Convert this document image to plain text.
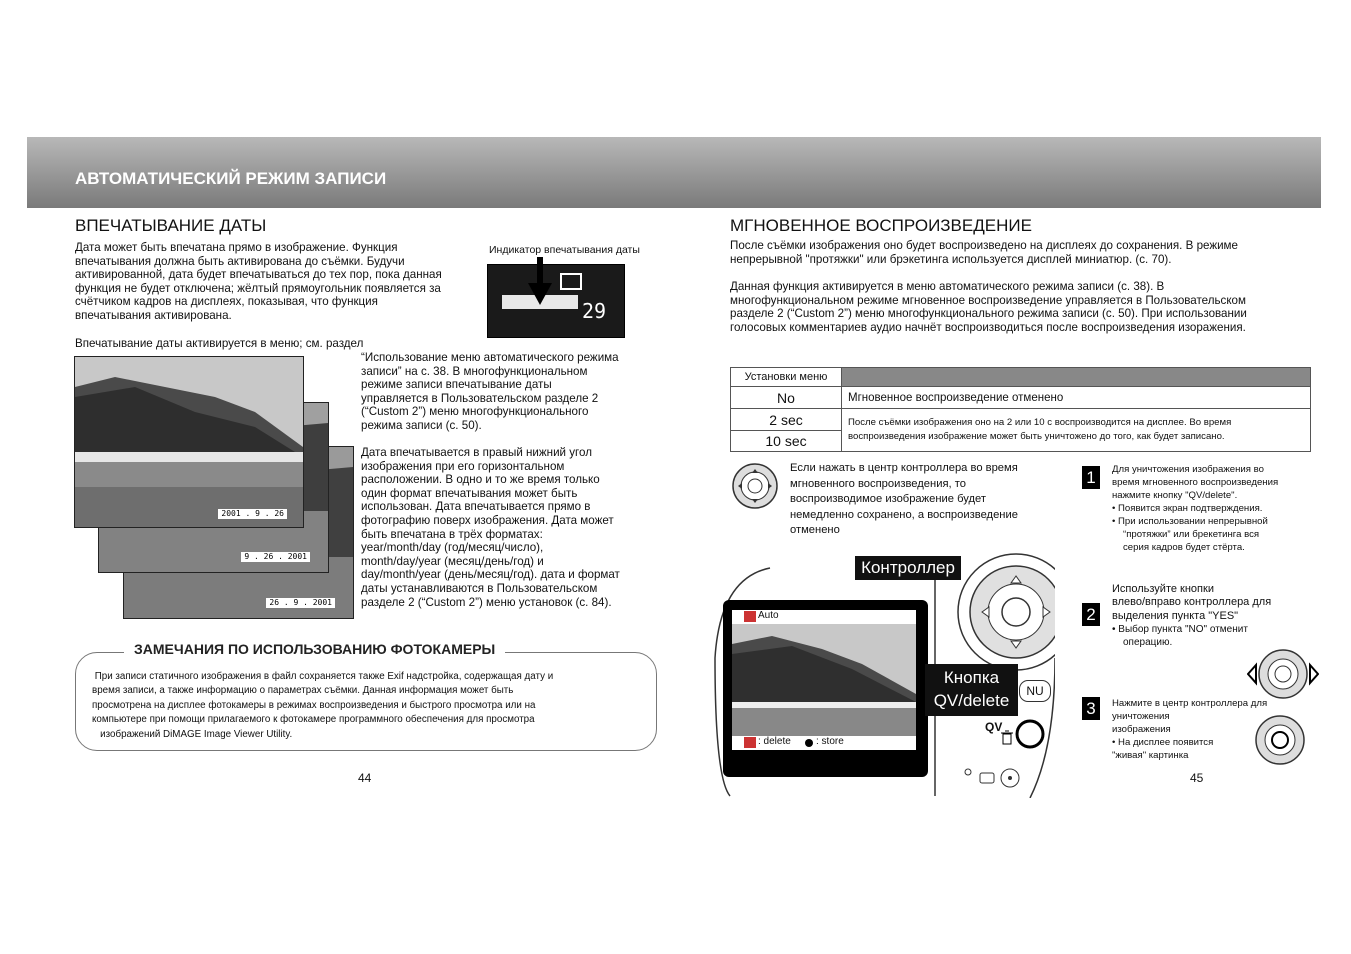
АВТОМАТИЧЕСКИЙ РЕЖИМ ЗАПИСИ
ВПЕЧАТЫВАНИЕ ДАТЫ
Дата может быть впечатана прямо в изображение. Функция
впечатывания должна быть активирована до съёмки. Будучи
активированной, дата будет впечатываться до тех пор, пока данная
функция не будет отключена; жёлтый прямоугольник появляется за
счётчиком кадров на дисплеях, показывая, что функция
впечатывания активирована.
Индикатор впечатывания даты
29
Впечатывание даты активируется в меню; см. раздел
“Использование меню автоматического режима
записи” на с. 38. В многофункциональном
режиме записи впечатывание даты
управляется в Пользовательском разделе 2
(“Custom 2”) меню многофункционального
режима записи (с. 50).
Дата впечатывается в правый нижний угол
изображения при его горизонтальном
расположении. В одно и то же время только
один формат впечатывания может быть
использован. Дата впечатывается прямо в
фотографию поверх изображения. Дата может
быть впечатана в трёх форматах:
year/month/day (год/месяц/число),
month/day/year (месяц/день/год) и
day/month/year (день/месяц/год). дата и формат
даты устанавливаются в Пользовательском
разделе 2 (“Custom 2”) меню установок (с. 84).
26 . 9 . 2001
9 . 26 . 2001
2001 . 9 . 26
ЗАМЕЧАНИЯ ПО ИСПОЛЬЗОВАНИЮ ФОТОКАМЕРЫ
При записи статичного изображения в файл сохраняется также Exif надстройка, содержащая дату и
время записи, а также информацию о параметрах съёмки. Данная информация может быть
просмотрена на дисплее фотокамеры в режимах воспроизведения и быстрого просмотра или на
компьютере при помощи прилагаемого к фотокамере программного обеспечения для просмотра
изображений DiMAGE Image Viewer Utility.
44
МГНОВЕННОЕ ВОСПРОИЗВЕДЕНИЕ
После съёмки изображения оно будет воспроизведено на дисплеях до сохранения. В режиме
непрерывной "протяжки" или брэкетинга используется дисплей миниатюр. (с. 70).
Данная функция активируется в меню автоматического режима записи (с. 38). В
многофункциональном режиме мгновенное воспроизведение управляется в Пользовательском
разделе 2 (“Custom 2”) меню многофункционального режима записи (с. 50). При использовании
голосовых комментариев аудио начнёт воспроизводиться после воспроизведения изоражения.
Установки меню	
No	Мгновенное воспроизведение отменено
2 sec	После съёмки изображения оно на 2 или 10 с воспроизводится на дисплее. Во время
воспроизведения изображение может быть уничтожено до того, как будет записано.

10 sec	
Если нажать в центр контроллера во время
мгновенного воспроизведения, то
воспроизводимое изображение будет
немедленно сохранено, а воспроизведение
отменено
NU
QV
Auto
: delete	: store
Контроллер
Кнопка
QV/delete
1	Для уничтожения изображения во
время мгновенного воспроизведения
нажмите кнопку "QV/delete".
• Появится экран подтверждения.
• При использовании непрерывной
“протяжки” или брекетинга вся
серия кадров будет стёрта.
2
Используйте кнопки
влево/вправо контроллера для
выделения пункта "YES"
• Выбор пункта "NO" отменит
операцию.
3	Нажмите в центр контроллера для
уничтожения
изображения
• На дисплее появится
"живая" картинка
45
